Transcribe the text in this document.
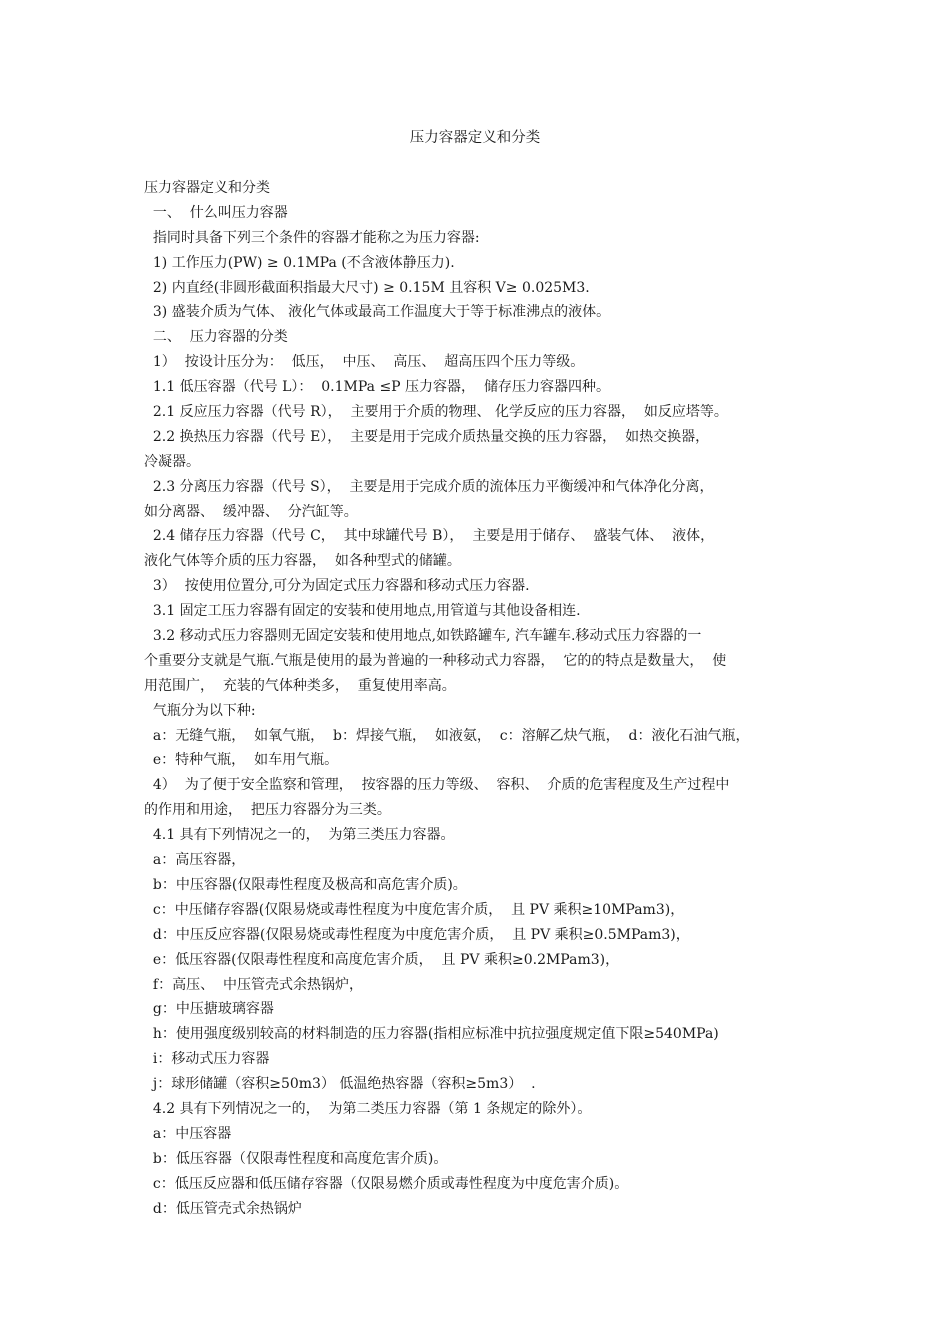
压力容器定义和分类
压力容器定义和分类
一、  什么叫压力容器
指同时具备下列三个条件的容器才能称之为压力容器:
1) 工作压力(PW) ≥ 0.1MPa (不含液体静压力).
2) 内直经(非圆形截面积指最大尺寸) ≥ 0.15M 且容积 V≥ 0.025M3.
3) 盛装介质为气体、 液化气体或最高工作温度大于等于标准沸点的液体。
二、  压力容器的分类
1）  按设计压分为：  低压，  中压、  高压、  超高压四个压力等级。
1.1 低压容器（代号 L）：  0.1MPa ≤P 压力容器，  储存压力容器四种。
2.1 反应压力容器（代号 R），  主要用于介质的物理、 化学反应的压力容器，  如反应塔等。
2.2 换热压力容器（代号 E），  主要是用于完成介质热量交换的压力容器，  如热交换器，
冷凝器。
2.3 分离压力容器（代号 S），  主要是用于完成介质的流体压力平衡缓冲和气体净化分离，
如分离器、  缓冲器、  分汽缸等。
2.4 储存压力容器（代号 C，  其中球罐代号 B），  主要是用于储存、  盛装气体、  液体，
液化气体等介质的压力容器，  如各种型式的储罐。
3）  按使用位置分,可分为固定式压力容器和移动式压力容器.
3.1 固定工压力容器有固定的安装和使用地点,用管道与其他设备相连.
3.2 移动式压力容器则无固定安装和使用地点,如铁路罐车, 汽车罐车.移动式压力容器的一
个重要分支就是气瓶.气瓶是使用的最为普遍的一种移动式力容器，  它的的特点是数量大，  使
用范围广，  充装的气体种类多，  重复使用率高。
气瓶分为以下种:
a：无缝气瓶，  如氧气瓶，  b：焊接气瓶，  如液氨，  c：溶解乙炔气瓶，  d：液化石油气瓶，
e：特种气瓶，  如车用气瓶。
4）  为了便于安全监察和管理，  按容器的压力等级、  容积、  介质的危害程度及生产过程中
的作用和用途，  把压力容器分为三类。
4.1 具有下列情况之一的，  为第三类压力容器。
a：高压容器，
b：中压容器(仅限毒性程度及极高和高危害介质)。
c：中压储存容器(仅限易烧或毒性程度为中度危害介质，  且 PV 乘积≥10MPam3)，
d：中压反应容器(仅限易烧或毒性程度为中度危害介质，  且 PV 乘积≥0.5MPam3)，
e：低压容器(仅限毒性程度和高度危害介质，  且 PV 乘积≥0.2MPam3)，
f：高压、  中压管壳式余热锅炉，
g：中压搪玻璃容器
h：使用强度级别较高的材料制造的压力容器(指相应标准中抗拉强度规定值下限≥540MPa)
i：移动式压力容器
j：球形储罐（容积≥50m3） 低温绝热容器（容积≥5m3）  .
4.2 具有下列情况之一的，  为第二类压力容器（第 1 条规定的除外）。
a：中压容器
b：低压容器（仅限毒性程度和高度危害介质)。
c：低压反应器和低压储存容器（仅限易燃介质或毒性程度为中度危害介质)。
d：低压管壳式余热锅炉
